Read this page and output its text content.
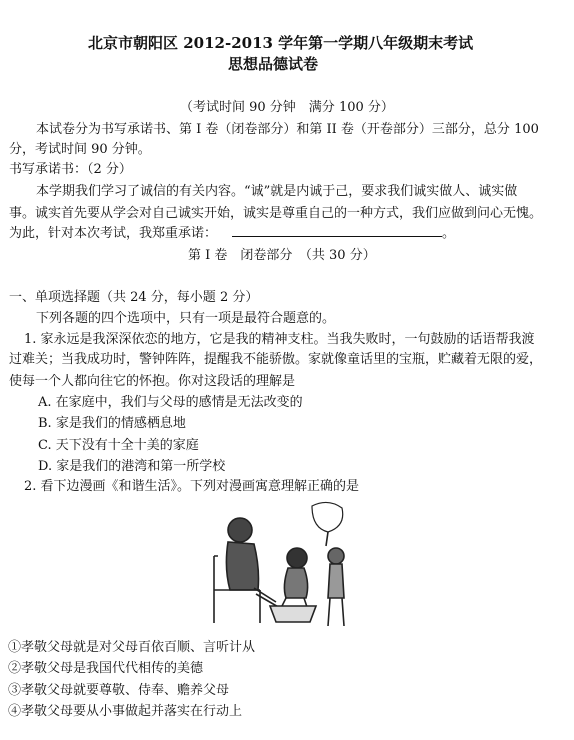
北京市朝阳区 2012-2013 学年第一学期八年级期末考试
思想品德试卷
（考试时间 90 分钟　满分 100 分）
本试卷分为书写承诺书、第 I 卷（闭卷部分）和第 II 卷（开卷部分）三部分，总分 100
分，考试时间 90 分钟。
书写承诺书：（2 分）
本学期我们学习了诚信的有关内容。“诚”就是内诚于己，要求我们诚实做人、诚实做
事。诚实首先要从学会对自己诚实开始，诚实是尊重自己的一种方式，我们应做到问心无愧。
为此，针对本次考试，我郑重承诺：	。
第 I 卷　闭卷部分　（共 30 分）
一、单项选择题（共 24 分，每小题 2 分）
下列各题的四个选项中，只有一项是最符合题意的。
1. 家永远是我深深依恋的地方，它是我的精神支柱。当我失败时，一句鼓励的话语帮我渡
过难关；当我成功时，警钟阵阵，提醒我不能骄傲。家就像童话里的宝瓶，贮藏着无限的爱，
使每一个人都向往它的怀抱。你对这段话的理解是
A. 在家庭中，我们与父母的感情是无法改变的
B. 家是我们的情感栖息地
C. 天下没有十全十美的家庭
D. 家是我们的港湾和第一所学校
2. 看下边漫画《和谐生活》。下列对漫画寓意理解正确的是
①孝敬父母就是对父母百依百顺、言听计从
②孝敬父母是我国代代相传的美德
③孝敬父母就要尊敬、侍奉、赡养父母
④孝敬父母要从小事做起并落实在行动上
